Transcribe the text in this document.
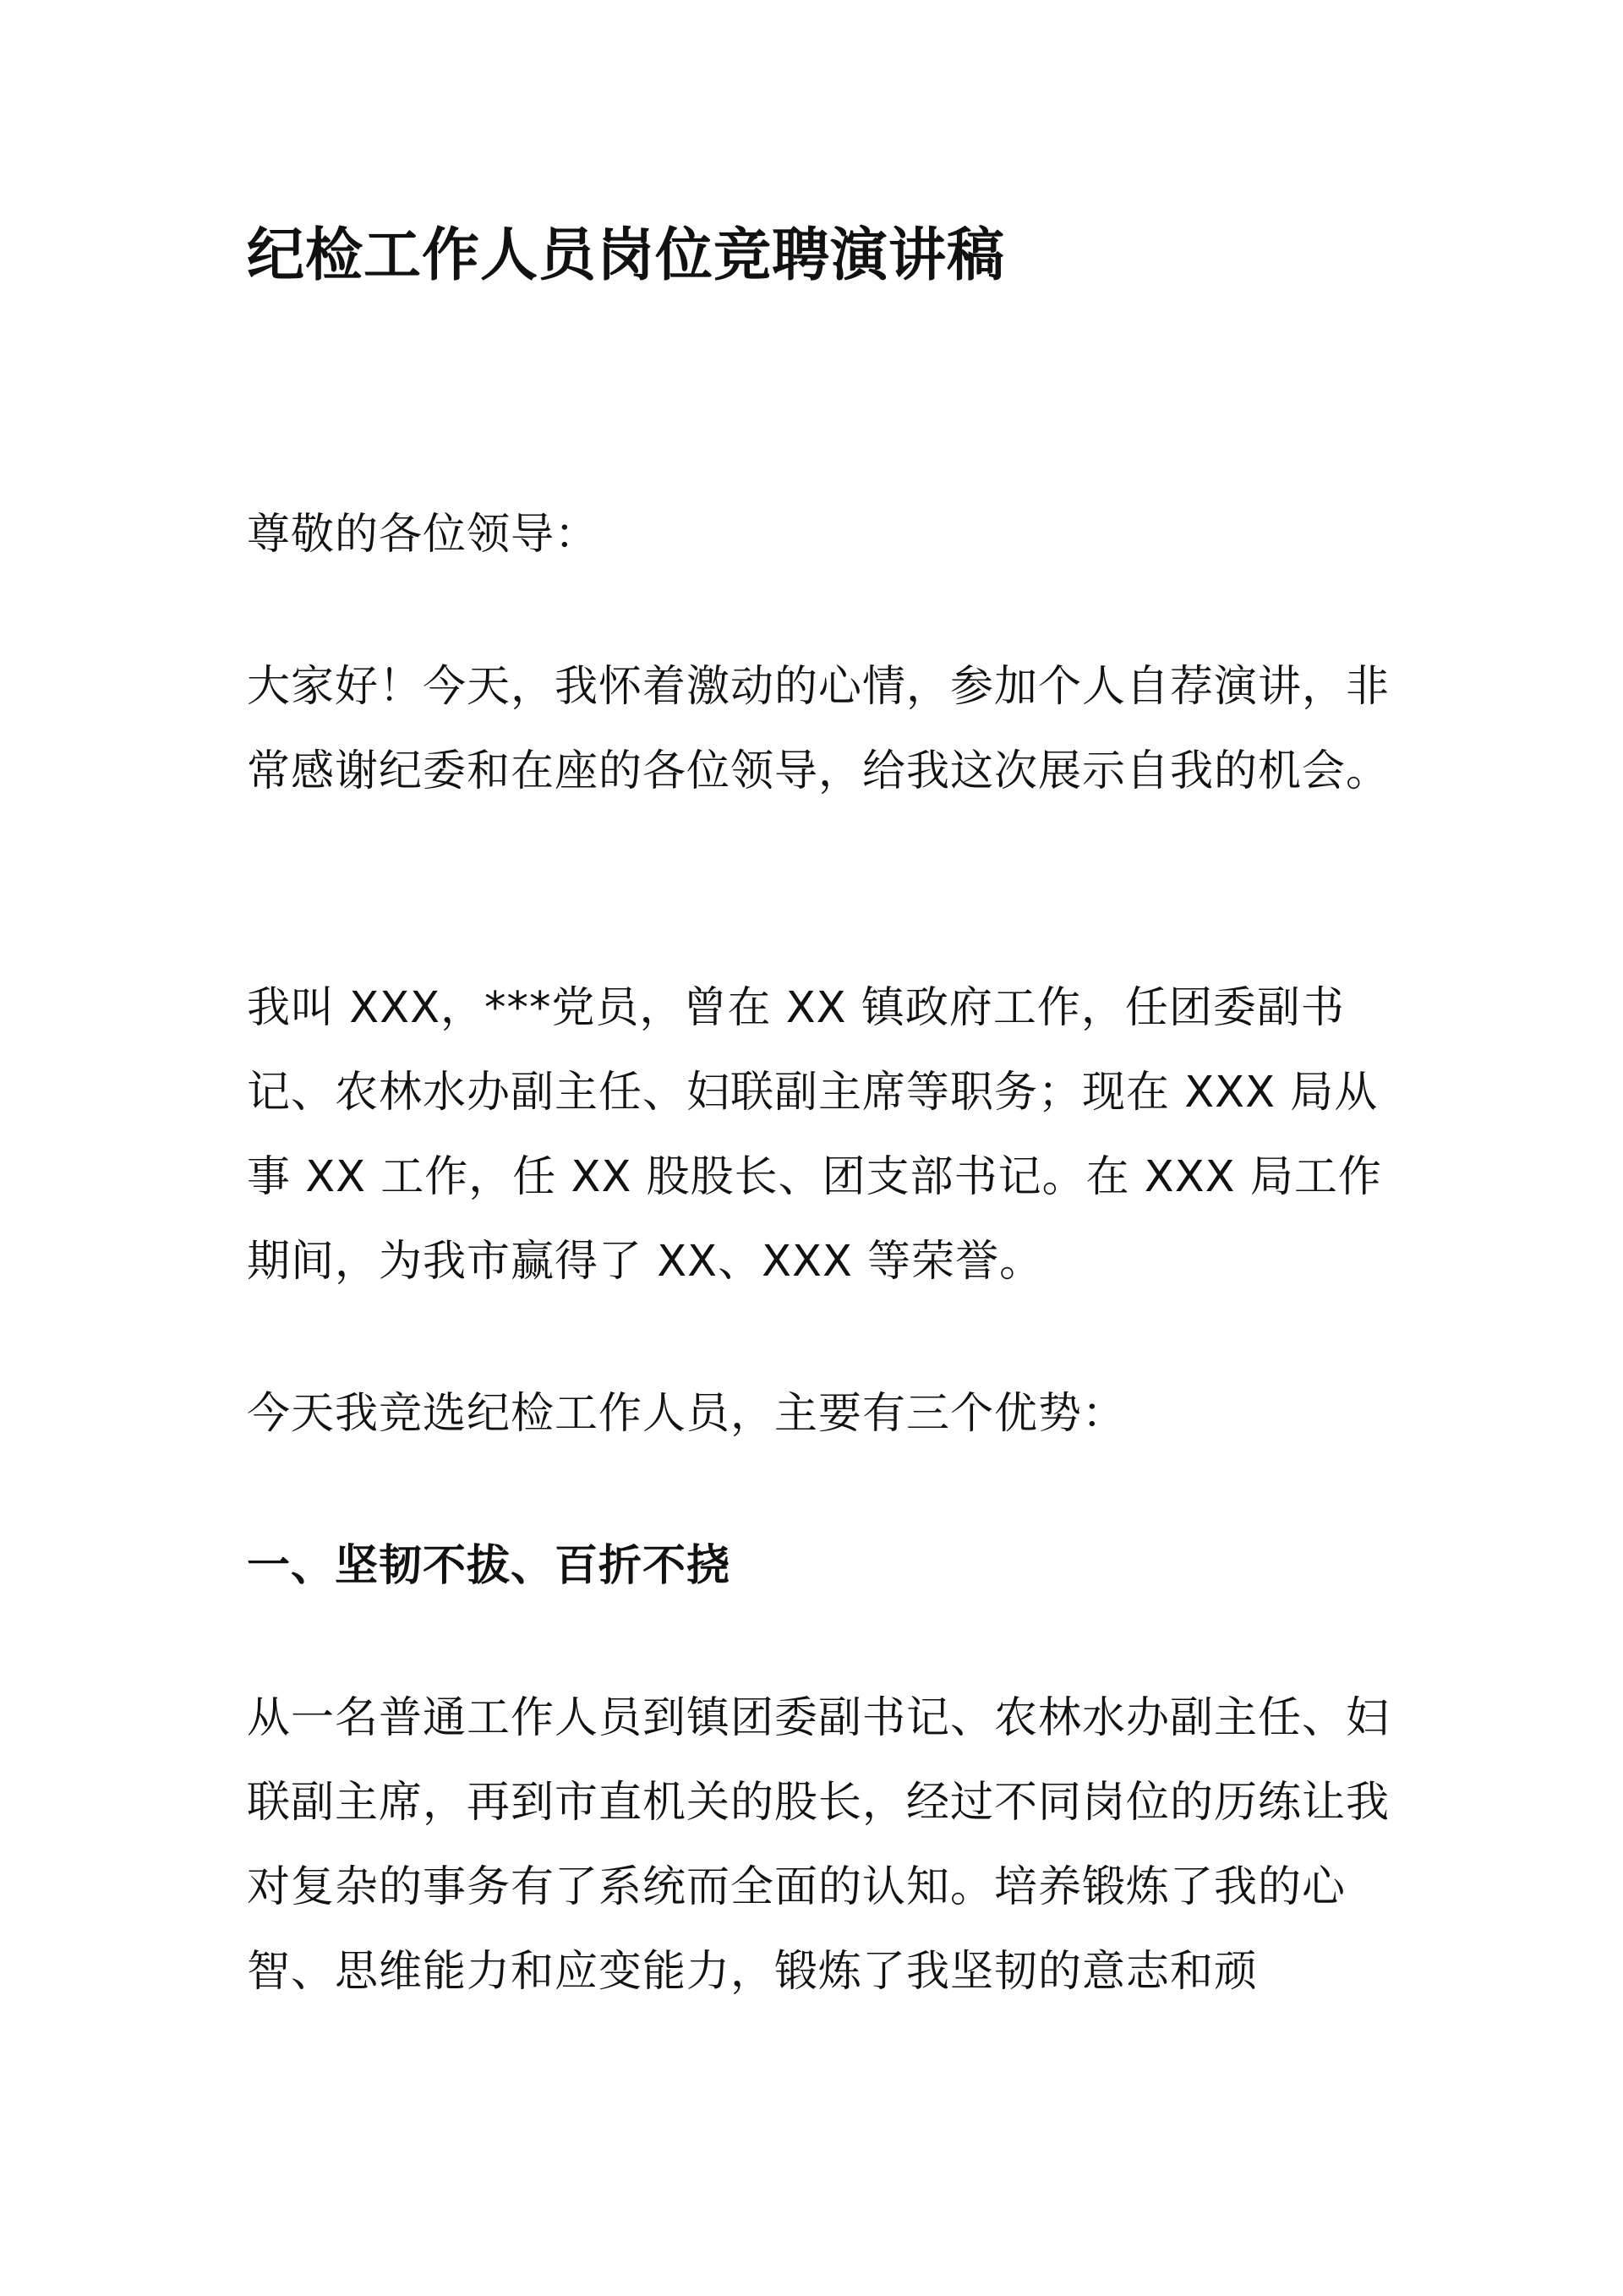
纪检工作人员岗位竞聘演讲稿

尊敬的各位领导：

大家好！今天，我怀着激动的心情，参加个人自荐演讲，非常感谢纪委和在座的各位领导，给我这次展示自我的机会。

我叫 XXX，***党员，曾在 XX 镇政府工作，任团委副书记、农林水办副主任、妇联副主席等职务；现在 XXX 局从事 XX 工作，任 XX 股股长、团支部书记。在 XXX 局工作期间，为我市赢得了 XX、XXX 等荣誉。

今天我竞选纪检工作人员，主要有三个优势：

一、坚韧不拔、百折不挠

从一名普通工作人员到镇团委副书记、农林水办副主任、妇联副主席，再到市直机关的股长，经过不同岗位的历练让我对复杂的事务有了系统而全面的认知。培养锻炼了我的心智、思维能力和应变能力，锻炼了我坚韧的意志和顽
